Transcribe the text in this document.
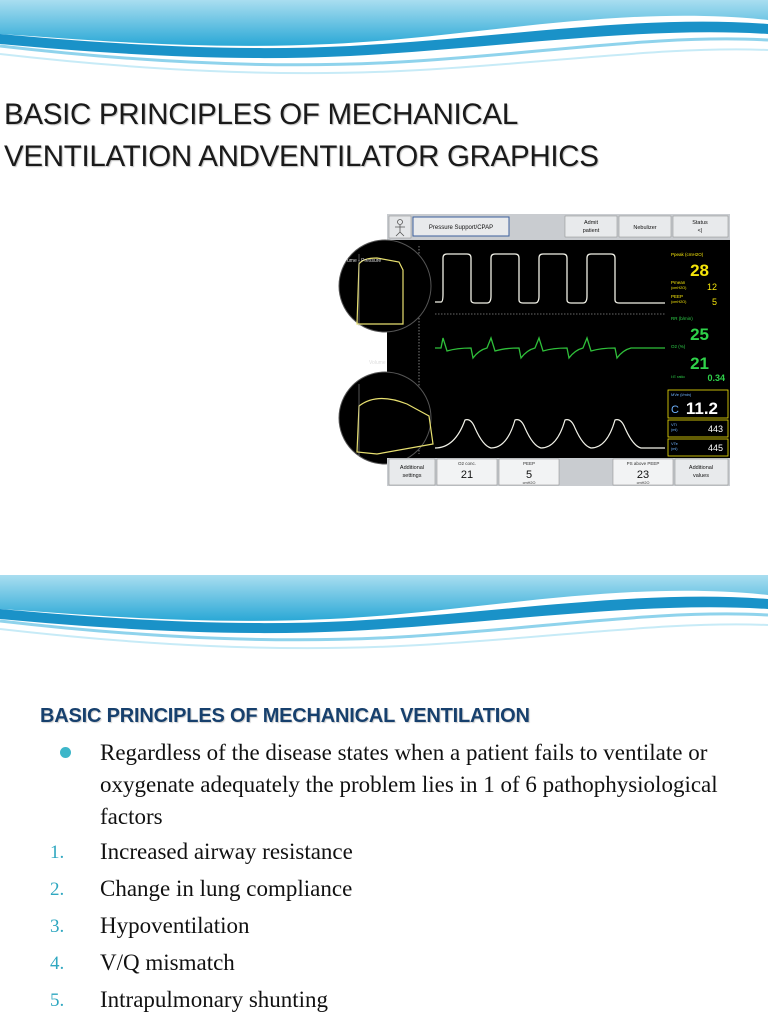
BASIC PRINCIPLES OF MECHANICAL
VENTILATION ANDVENTILATOR GRAPHICS
Pressure Support/CPAP
Admit
patient	Nebulizer
Status
<|
ume - Pressure
Volume
Ppeak (cmH2O)
28
Pmean
(cmH2O) 12
PEEP
(cmH2O)	5
RR (b/min)
25
O2 (%)
21
I:E ratio	0.34
MVe (l/min)
C 11.2
VTi
(ml)	443
VTe
(ml)	445
Additional
settings
O2 conc.
21
PEEP
5
cmH2O
PS above PEEP
23
cmH2O
Additional
values
BASIC PRINCIPLES OF MECHANICAL VENTILATION
Regardless of the disease states when a patient fails to ventilate or oxygenate adequately the problem lies in 1 of 6 pathophysiological factors
1. Increased airway resistance
2. Change in lung compliance
3. Hypoventilation
4. V/Q mismatch
5. Intrapulmonary shunting
